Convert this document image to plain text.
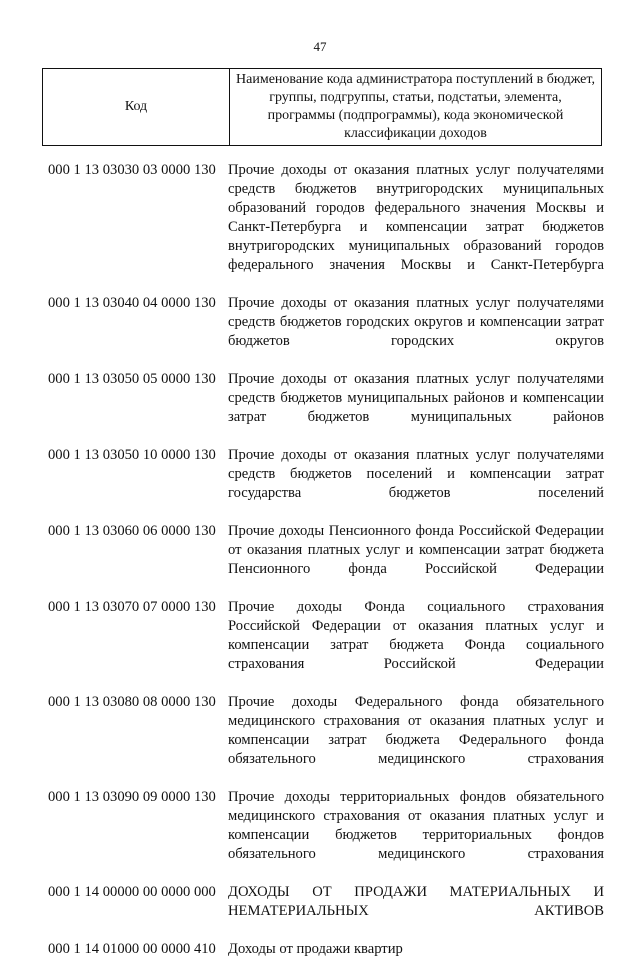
47
Код	Наименование кода администратора поступлений в бюджет, группы, подгруппы, статьи, подстатьи, элемента, программы (подпрограммы), кода экономической классификации доходов
000 1 13 03030 03 0000 130 Прочие доходы от оказания платных услуг получателями средств бюджетов внутригородских муниципальных образований городов федерального значения Москвы и Санкт-Петербурга и компенсации затрат бюджетов внутригородских муниципальных образований городов федерального значения Москвы и Санкт-Петербурга
000 1 13 03040 04 0000 130 Прочие доходы от оказания платных услуг получателями средств бюджетов городских округов и компенсации затрат бюджетов городских округов
000 1 13 03050 05 0000 130 Прочие доходы от оказания платных услуг получателями средств бюджетов муниципальных районов и компенсации затрат бюджетов муниципальных районов
000 1 13 03050 10 0000 130 Прочие доходы от оказания платных услуг получателями средств бюджетов поселений и компенсации затрат государства бюджетов поселений
000 1 13 03060 06 0000 130 Прочие доходы Пенсионного фонда Российской Федерации от оказания платных услуг и компенсации затрат бюджета Пенсионного фонда Российской Федерации
000 1 13 03070 07 0000 130 Прочие доходы Фонда социального страхования Российской Федерации от оказания платных услуг и компенсации затрат бюджета Фонда социального страхования Российской Федерации
000 1 13 03080 08 0000 130 Прочие доходы Федерального фонда обязательного медицинского страхования от оказания платных услуг и компенсации затрат бюджета Федерального фонда обязательного медицинского страхования
000 1 13 03090 09 0000 130 Прочие доходы территориальных фондов обязательного медицинского страхования от оказания платных услуг и компенсации бюджетов территориальных фондов обязательного медицинского страхования
000 1 14 00000 00 0000 000 ДОХОДЫ ОТ ПРОДАЖИ МАТЕРИАЛЬНЫХ И НЕМАТЕРИАЛЬНЫХ АКТИВОВ
000 1 14 01000 00 0000 410 Доходы от продажи квартир
